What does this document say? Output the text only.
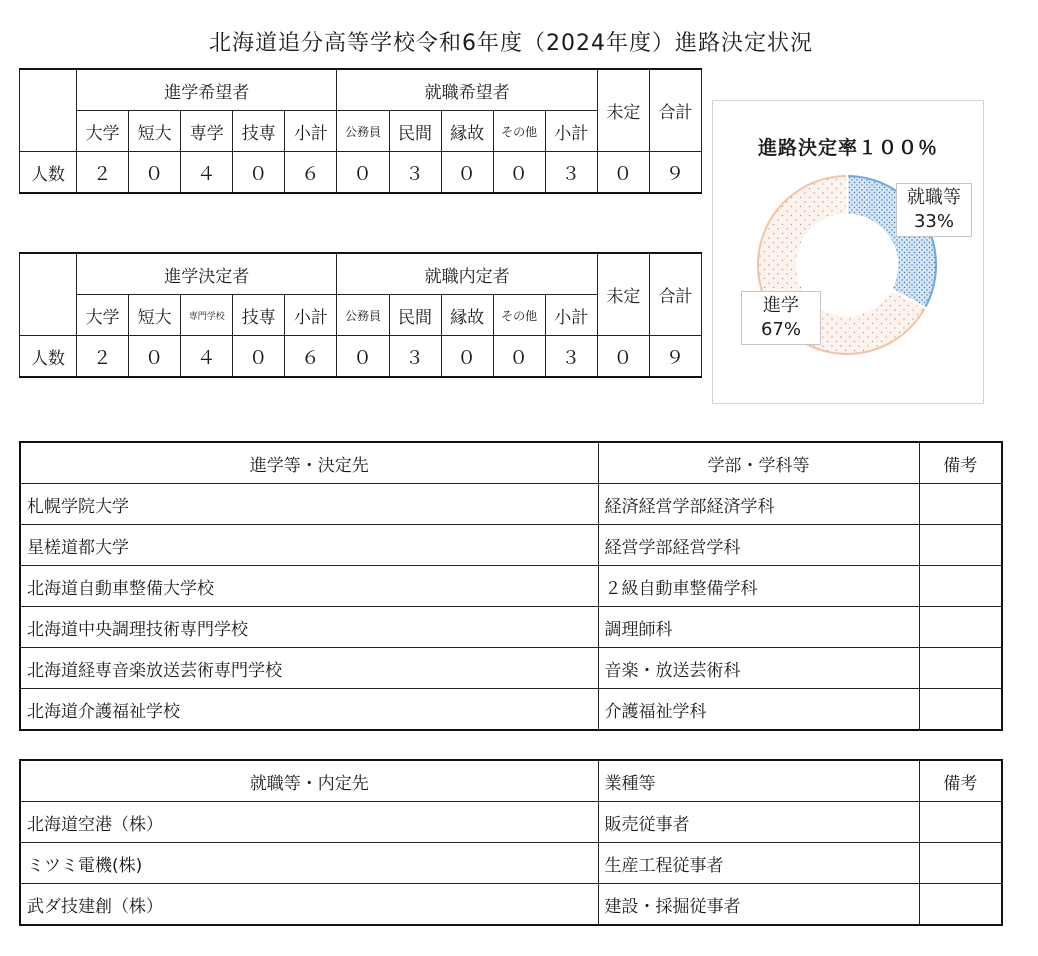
北海道追分高等学校令和6年度（2024年度）進路決定状況
	進学希望者					就職希望者					未定	合計
	大学	短大	専学	技専	小計	公務員	民間	縁故	その他	小計		
人数	２	０	４	０	６	０	３	０	０	３	０	９
	進学決定者					就職内定者					未定	合計
	大学	短大	専門学校	技専	小計	公務員	民間	縁故	その他	小計		
人数	２	０	４	０	６	０	３	０	０	３	０	９
進路決定率１００％
就職等
33%
進学
67%
進学等・決定先	学部・学科等	備考
札幌学院大学	経済経営学部経済学科	
星槎道都大学	経営学部経営学科	
北海道自動車整備大学校	２級自動車整備学科	
北海道中央調理技術専門学校	調理師科	
北海道経専音楽放送芸術専門学校	音楽・放送芸術科	
北海道介護福祉学校	介護福祉学科	
就職等・内定先	業種等	備考
北海道空港（株）	販売従事者	
ミツミ電機(株)	生産工程従事者	
武ダ技建創（株）	建設・採掘従事者	
